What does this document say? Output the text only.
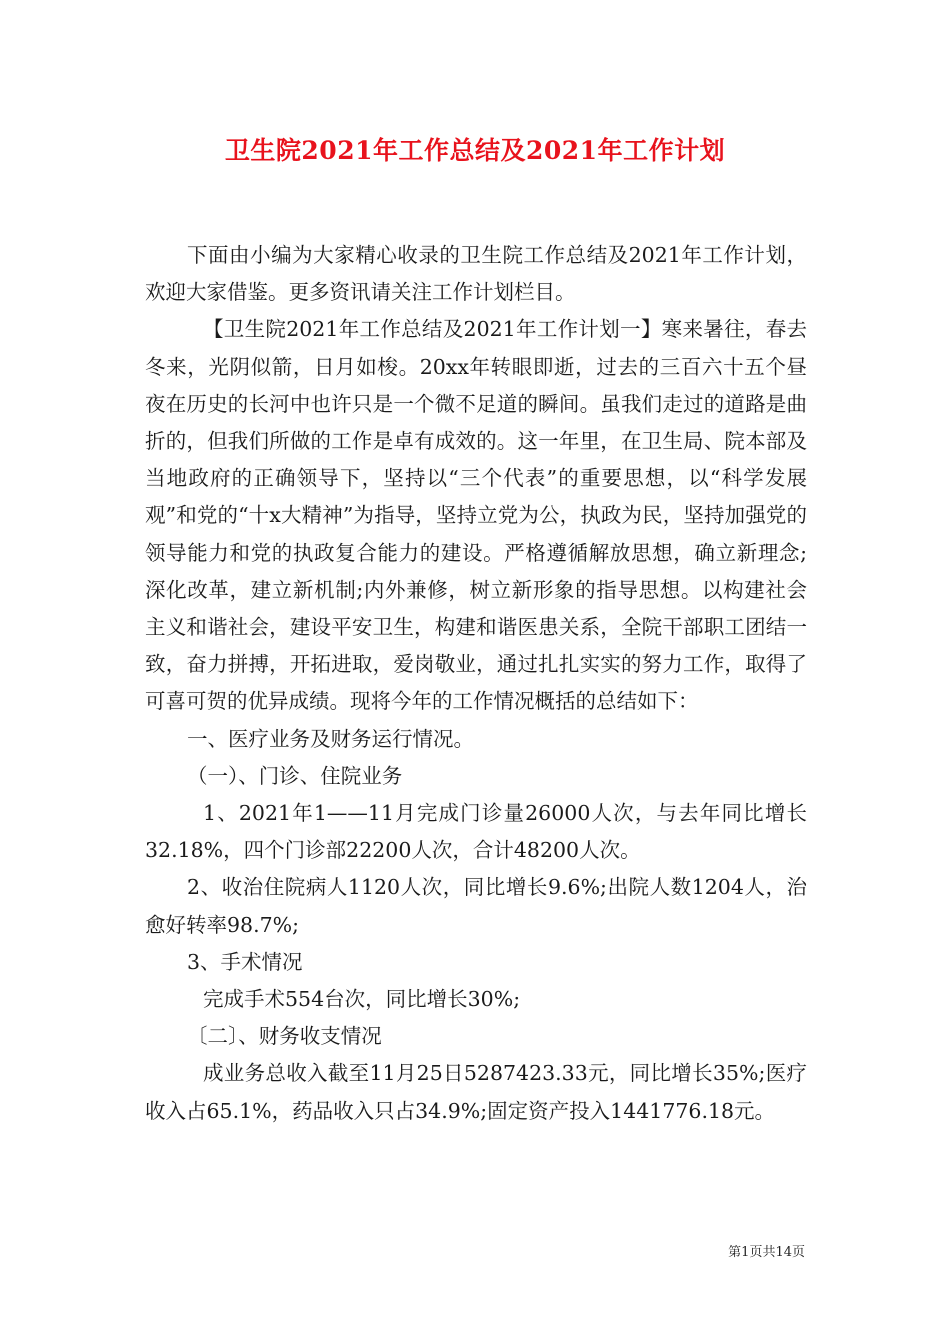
卫生院2021年工作总结及2021年工作计划

下面由小编为大家精心收录的卫生院工作总结及2021年工作计划，欢迎大家借鉴。更多资讯请关注工作计划栏目。

【卫生院2021年工作总结及2021年工作计划一】寒来暑往，春去冬来，光阴似箭，日月如梭。20xx年转眼即逝，过去的三百六十五个昼夜在历史的长河中也许只是一个微不足道的瞬间。虽我们走过的道路是曲折的，但我们所做的工作是卓有成效的。这一年里，在卫生局、院本部及当地政府的正确领导下，坚持以“三个代表”的重要思想，以“科学发展观”和党的“十x大精神”为指导，坚持立党为公，执政为民，坚持加强党的领导能力和党的执政复合能力的建设。严格遵循解放思想，确立新理念;深化改革，建立新机制;内外兼修，树立新形象的指导思想。以构建社会主义和谐社会，建设平安卫生，构建和谐医患关系，全院干部职工团结一致，奋力拼搏，开拓进取，爱岗敬业，通过扎扎实实的努力工作，取得了可喜可贺的优异成绩。现将今年的工作情况概括的总结如下：

一、医疗业务及财务运行情况。

（一）、门诊、住院业务

1、2021年1——11月完成门诊量26000人次，与去年同比增长32.18%，四个门诊部22200人次，合计48200人次。

2、收治住院病人1120人次，同比增长9.6%;出院人数1204人，治愈好转率98.7%;

3、手术情况

完成手术554台次，同比增长30%;

〔二〕、财务收支情况

成业务总收入截至11月25日5287423.33元，同比增长35%;医疗收入占65.1%，药品收入只占34.9%;固定资产投入1441776.18元。

第1页共14页
